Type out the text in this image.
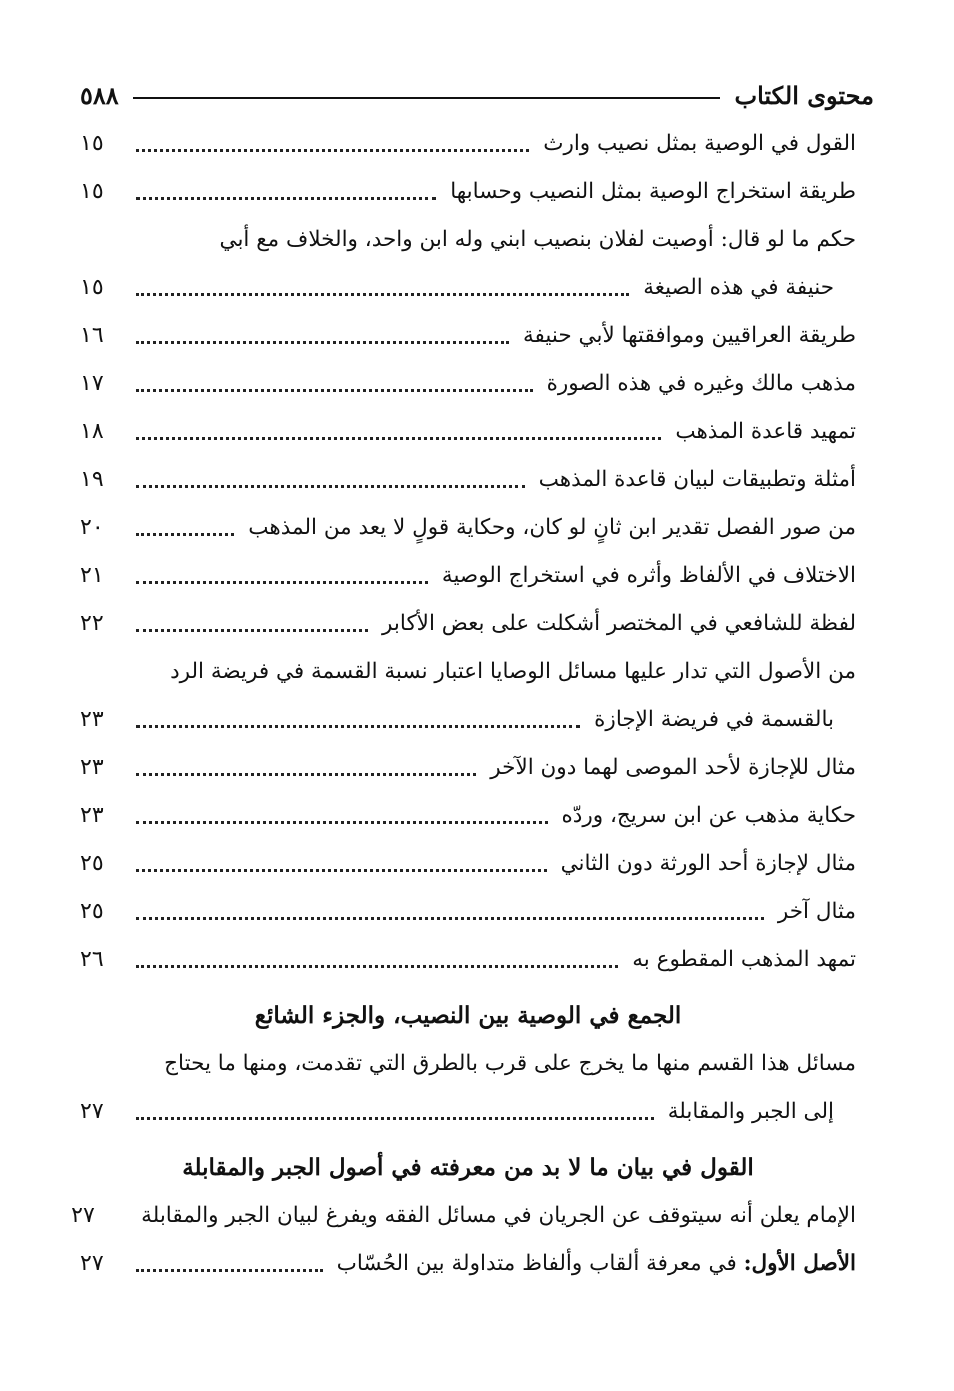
محتوى الكتاب
٥٨٨
القول في الوصية بمثل نصيب وارث
١٥
طريقة استخراج الوصية بمثل النصيب وحسابها
١٥
حكم ما لو قال: أوصيت لفلان بنصيب ابني وله ابن واحد، والخلاف مع أبي
حنيفة في هذه الصيغة
١٥
طريقة العراقيين وموافقتها لأبي حنيفة
١٦
مذهب مالك وغيره في هذه الصورة
١٧
تمهيد قاعدة المذهب
١٨
أمثلة وتطبيقات لبيان قاعدة المذهب
١٩
من صور الفصل تقدير ابن ثانٍ لو كان، وحكاية قولٍ لا يعد من المذهب
٢٠
الاختلاف في الألفاظ وأثره في استخراج الوصية
٢١
لفظة للشافعي في المختصر أشكلت على بعض الأكابر
٢٢
من الأصول التي تدار عليها مسائل الوصايا اعتبار نسبة القسمة في فريضة الرد
بالقسمة في فريضة الإجازة
٢٣
مثال للإجازة لأحد الموصى لهما دون الآخر
٢٣
حكاية مذهب عن ابن سريج، وردّه
٢٣
مثال لإجازة أحد الورثة دون الثاني
٢٥
مثال آخر
٢٥
تمهد المذهب المقطوع به
٢٦
الجمع في الوصية بين النصيب، والجزء الشائع
مسائل هذا القسم منها ما يخرج على قرب بالطرق التي تقدمت، ومنها ما يحتاج
إلى الجبر والمقابلة
٢٧
القول في بيان ما لا بد من معرفته في أصول الجبر والمقابلة
الإمام يعلن أنه سيتوقف عن الجريان في مسائل الفقه ويفرغ لبيان الجبر والمقابلة
٢٧
الأصل الأول: في معرفة ألقاب وألفاظ متداولة بين الحُسّاب
٢٧
